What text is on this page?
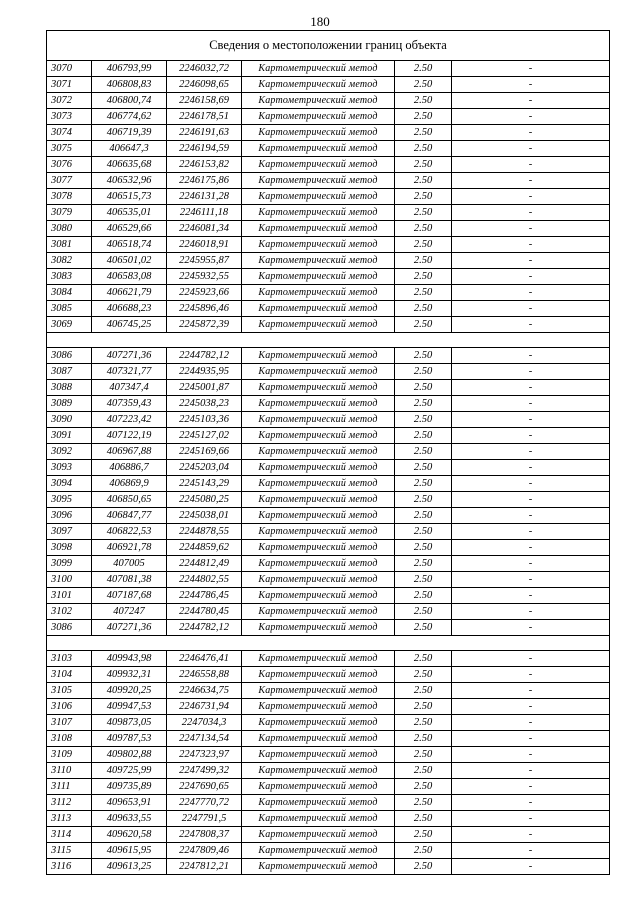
180
Сведения о местоположении границ объекта					
3070	406793,99	2246032,72	Картометрический метод	2.50	-
3071	406808,83	2246098,65	Картометрический метод	2.50	-
3072	406800,74	2246158,69	Картометрический метод	2.50	-
3073	406774,62	2246178,51	Картометрический метод	2.50	-
3074	406719,39	2246191,63	Картометрический метод	2.50	-
3075	406647,3	2246194,59	Картометрический метод	2.50	-
3076	406635,68	2246153,82	Картометрический метод	2.50	-
3077	406532,96	2246175,86	Картометрический метод	2.50	-
3078	406515,73	2246131,28	Картометрический метод	2.50	-
3079	406535,01	2246111,18	Картометрический метод	2.50	-
3080	406529,66	2246081,34	Картометрический метод	2.50	-
3081	406518,74	2246018,91	Картометрический метод	2.50	-
3082	406501,02	2245955,87	Картометрический метод	2.50	-
3083	406583,08	2245932,55	Картометрический метод	2.50	-
3084	406621,79	2245923,66	Картометрический метод	2.50	-
3085	406688,23	2245896,46	Картометрический метод	2.50	-
3069	406745,25	2245872,39	Картометрический метод	2.50	-

3086	407271,36	2244782,12	Картометрический метод	2.50	-
3087	407321,77	2244935,95	Картометрический метод	2.50	-
3088	407347,4	2245001,87	Картометрический метод	2.50	-
3089	407359,43	2245038,23	Картометрический метод	2.50	-
3090	407223,42	2245103,36	Картометрический метод	2.50	-
3091	407122,19	2245127,02	Картометрический метод	2.50	-
3092	406967,88	2245169,66	Картометрический метод	2.50	-
3093	406886,7	2245203,04	Картометрический метод	2.50	-
3094	406869,9	2245143,29	Картометрический метод	2.50	-
3095	406850,65	2245080,25	Картометрический метод	2.50	-
3096	406847,77	2245038,01	Картометрический метод	2.50	-
3097	406822,53	2244878,55	Картометрический метод	2.50	-
3098	406921,78	2244859,62	Картометрический метод	2.50	-
3099	407005	2244812,49	Картометрический метод	2.50	-
3100	407081,38	2244802,55	Картометрический метод	2.50	-
3101	407187,68	2244786,45	Картометрический метод	2.50	-
3102	407247	2244780,45	Картометрический метод	2.50	-
3086	407271,36	2244782,12	Картометрический метод	2.50	-

3103	409943,98	2246476,41	Картометрический метод	2.50	-
3104	409932,31	2246558,88	Картометрический метод	2.50	-
3105	409920,25	2246634,75	Картометрический метод	2.50	-
3106	409947,53	2246731,94	Картометрический метод	2.50	-
3107	409873,05	2247034,3	Картометрический метод	2.50	-
3108	409787,53	2247134,54	Картометрический метод	2.50	-
3109	409802,88	2247323,97	Картометрический метод	2.50	-
3110	409725,99	2247499,32	Картометрический метод	2.50	-
3111	409735,89	2247690,65	Картометрический метод	2.50	-
3112	409653,91	2247770,72	Картометрический метод	2.50	-
3113	409633,55	2247791,5	Картометрический метод	2.50	-
3114	409620,58	2247808,37	Картометрический метод	2.50	-
3115	409615,95	2247809,46	Картометрический метод	2.50	-
3116	409613,25	2247812,21	Картометрический метод	2.50	-
